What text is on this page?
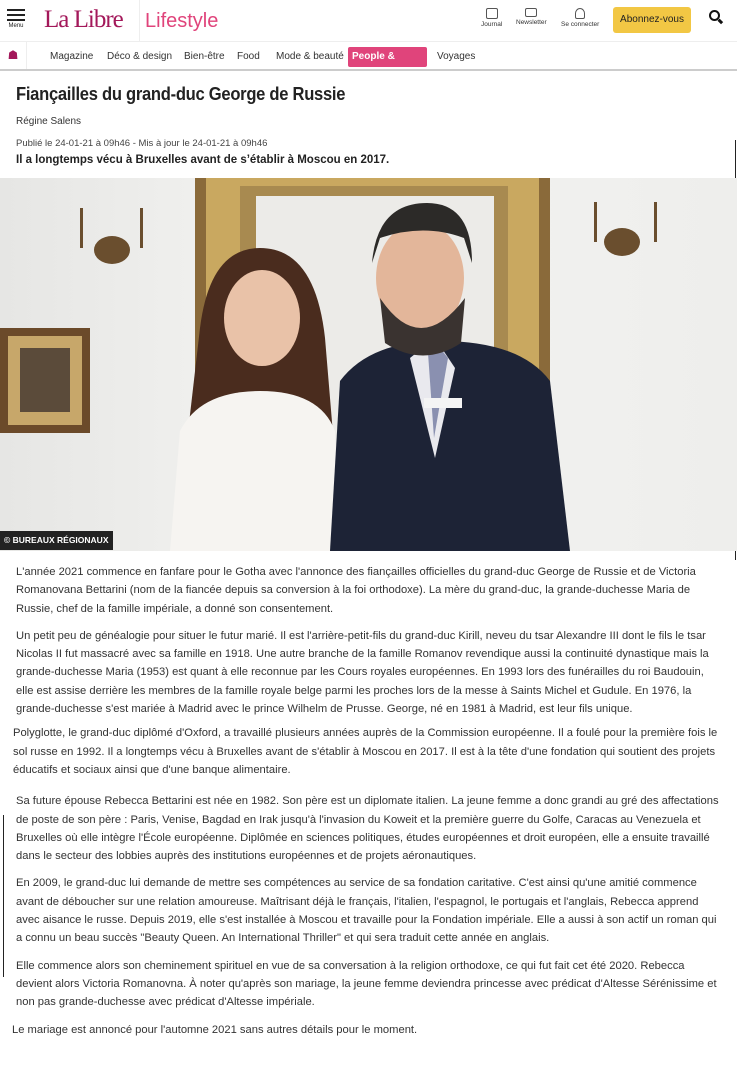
Menu La Libre Lifestyle	Journal Newsletter Se connecter	Abonnez-vous
☗	Magazine	Déco & design	Bien-être	Food	Mode & beauté People & royals
Voyages
Fiançailles du grand-duc George de Russie
Régine Salens
Publié le 24-01-21 à 09h46 - Mis à jour le 24-01-21 à 09h46
Il a longtemps vécu à Bruxelles avant de s’établir à Moscou en 2017.
© BUREAUX RÉGIONAUX

L'année 2021 commence en fanfare pour le Gotha avec l'annonce des fiançailles officielles du grand-duc George de Russie et de Victoria Romanovana Bettarini (nom de la fiancée depuis sa conversion à la foi orthodoxe). La mère du grand-duc, la grande-duchesse Maria de Russie, chef de la famille impériale, a donné son consentement.

Un petit peu de généalogie pour situer le futur marié. Il est l'arrière-petit-fils du grand-duc Kirill, neveu du tsar Alexandre III dont le fils le tsar Nicolas II fut massacré avec sa famille en 1918. Une autre branche de la famille Romanov revendique aussi la continuité dynastique mais la grande-duchesse Maria (1953) est quant à elle reconnue par les Cours royales européennes. En 1993 lors des funérailles du roi Baudouin, elle est assise derrière les membres de la famille royale belge parmi les proches lors de la messe à Saints Michel et Gudule. En 1976, la grande-duchesse s'est mariée à Madrid avec le prince Wilhelm de Prusse. George, né en 1981 à Madrid, est leur fils unique.

Polyglotte, le grand-duc diplômé d'Oxford, a travaillé plusieurs années auprès de la Commission européenne. Il a foulé pour la première fois le sol russe en 1992. Il a longtemps vécu à Bruxelles avant de s'établir à Moscou en 2017. Il est à la tête d'une fondation qui soutient des projets éducatifs et sociaux ainsi que d'une banque alimentaire.

Sa future épouse Rebecca Bettarini est née en 1982. Son père est un diplomate italien. La jeune femme a donc grandi au gré des affectations de poste de son père : Paris, Venise, Bagdad en Irak jusqu'à l'invasion du Koweit et la première guerre du Golfe, Caracas au Venezuela et Bruxelles où elle intègre l'École européenne. Diplômée en sciences politiques, études européennes et droit européen, elle a ensuite travaillé dans le secteur des lobbies auprès des institutions européennes et de projets aéronautiques.

En 2009, le grand-duc lui demande de mettre ses compétences au service de sa fondation caritative. C'est ainsi qu'une amitié commence avant de déboucher sur une relation amoureuse. Maîtrisant déjà le français, l'italien, l'espagnol, le portugais et l'anglais, Rebecca apprend avec aisance le russe. Depuis 2019, elle s'est installée à Moscou et travaille pour la Fondation impériale. Elle a aussi à son actif un roman qui a connu un beau succès "Beauty Queen. An International Thriller" et qui sera traduit cette année en anglais.

Elle commence alors son cheminement spirituel en vue de sa conversation à la religion orthodoxe, ce qui fut fait cet été 2020. Rebecca devient alors Victoria Romanovna. À noter qu'après son mariage, la jeune femme deviendra princesse avec prédicat d'Altesse Sérénissime et non pas grande-duchesse avec prédicat d'Altesse impériale.

Le mariage est annoncé pour l'automne 2021 sans autres détails pour le moment.
